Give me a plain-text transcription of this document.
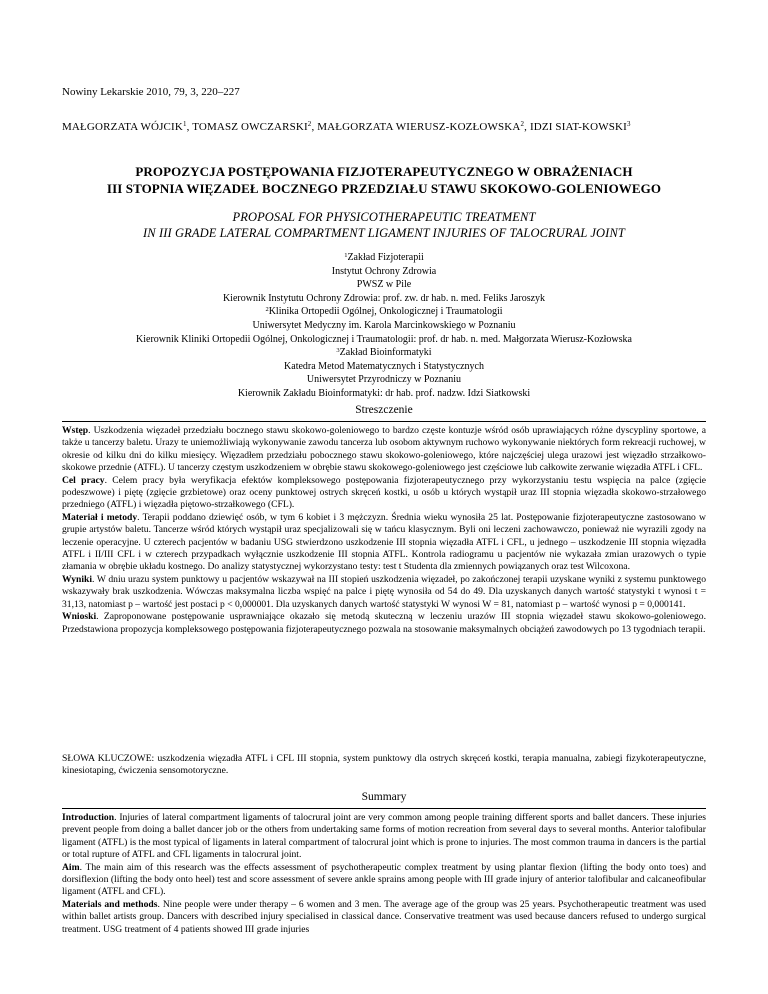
Nowiny Lekarskie 2010, 79, 3, 220–227
MAŁGORZATA WÓJCIK$^1$, TOMASZ OWCZARSKI$^2$, MAŁGORZATA WIERUSZ-KOZŁOWSKA$^2$, IDZI SIAT-KOWSKI$^3$
PROPOZYCJA POSTĘPOWANIA FIZJOTERAPEUTYCZNEGO W OBRAŻENIACH
III STOPNIA WIĘZADEŁ BOCZNEGO PRZEDZIAŁU STAWU SKOKOWO-GOLENIOWEGO
PROPOSAL FOR PHYSICOTHERAPEUTIC TREATMENT
IN III GRADE LATERAL COMPARTMENT LIGAMENT INJURIES OF TALOCRURAL JOINT
$^1$Zakład Fizjoterapii
Instytut Ochrony Zdrowia
PWSZ w Pile
Kierownik Instytutu Ochrony Zdrowia: prof. zw. dr hab. n. med. Feliks Jaroszyk
$^2$Klinika Ortopedii Ogólnej, Onkologicznej i Traumatologii
Uniwersytet Medyczny im. Karola Marcinkowskiego w Poznaniu
Kierownik Kliniki Ortopedii Ogólnej, Onkologicznej i Traumatologii: prof. dr hab. n. med. Małgorzata Wierusz-Kozłowska
$^3$Zakład Bioinformatyki
Katedra Metod Matematycznych i Statystycznych
Uniwersytet Przyrodniczy w Poznaniu
Kierownik Zakładu Bioinformatyki: dr hab. prof. nadzw. Idzi Siatkowski
Streszczenie

Wstęp. Uszkodzenia więzadeł przedziału bocznego stawu skokowo-goleniowego to bardzo częste kontuzje wśród osób uprawiających różne dyscypliny sportowe, a także u tancerzy baletu. Urazy te uniemożliwiają wykonywanie zawodu tancerza lub osobom aktywnym ruchowo wykonywanie niektórych form rekreacji ruchowej, w okresie od kilku dni do kilku miesięcy. Więzadłem przedziału pobocznego stawu skokowo-goleniowego, które najczęściej ulega urazowi jest więzadło strzałkowo-skokowe przednie (ATFL). U tancerzy częstym uszkodzeniem w obrębie stawu skokowego-goleniowego jest częściowe lub całkowite zerwanie więzadła ATFL i CFL.

Cel pracy. Celem pracy była weryfikacja efektów kompleksowego postępowania fizjoterapeutycznego przy wykorzystaniu testu wspięcia na palce (zgięcie podeszwowe) i piętę (zgięcie grzbietowe) oraz oceny punktowej ostrych skręceń kostki, u osób u których wystąpił uraz III stopnia więzadła skokowo-strzałowego przedniego (ATFL) i więzadła piętowo-strzałkowego (CFL).

Materiał i metody. Terapii poddano dziewięć osób, w tym 6 kobiet i 3 mężczyzn. Średnia wieku wynosiła 25 lat. Postępowanie fizjoterapeutyczne zastosowano w grupie artystów baletu. Tancerze wśród których wystąpił uraz specjalizowali się w tańcu klasycznym. Byli oni leczeni zachowawczo, ponieważ nie wyrazili zgody na leczenie operacyjne. U czterech pacjentów w badaniu USG stwierdzono uszkodzenie III stopnia więzadła ATFL i CFL, u jednego – uszkodzenie III stopnia więzadła ATFL i II/III CFL i w czterech przypadkach wyłącznie uszkodzenie III stopnia ATFL. Kontrola radiogramu u pacjentów nie wykazała zmian urazowych o typie złamania w obrębie układu kostnego. Do analizy statystycznej wykorzystano testy: test t Studenta dla zmiennych powiązanych oraz test Wilcoxona.

Wyniki. W dniu urazu system punktowy u pacjentów wskazywał na III stopień uszkodzenia więzadeł, po zakończonej terapii uzyskane wyniki z systemu punktowego wskazywały brak uszkodzenia. Wówczas maksymalna liczba wspięć na palce i piętę wynosiła od 54 do 49. Dla uzyskanych danych wartość statystyki t wynosi t = 31,13, natomiast p – wartość jest postaci p < 0,000001. Dla uzyskanych danych wartość statystyki W wynosi W = 81, natomiast p – wartość wynosi p = 0,000141.

Wnioski. Zaproponowane postępowanie usprawniające okazało się metodą skuteczną w leczeniu urazów III stopnia więzadeł stawu skokowo-goleniowego. Przedstawiona propozycja kompleksowego postępowania fizjoterapeutycznego pozwala na stosowanie maksymalnych obciążeń zawodowych po 13 tygodniach terapii.

SŁOWA KLUCZOWE: uszkodzenia więzadła ATFL i CFL III stopnia, system punktowy dla ostrych skręceń kostki, terapia manualna, zabiegi fizykoterapeutyczne, kinesiotaping, ćwiczenia sensomotoryczne.
Summary

Introduction. Injuries of lateral compartment ligaments of talocrural joint are very common among people training different sports and ballet dancers. These injuries prevent people from doing a ballet dancer job or the others from undertaking same forms of motion recreation from several days to several months. Anterior talofibular ligament (ATFL) is the most typical of ligaments in lateral compartment of talocrural joint which is prone to injuries. The most common trauma in dancers is the partial or total rupture of ATFL and CFL ligaments in talocrural joint.

Aim. The main aim of this research was the effects assessment of psychotherapeutic complex treatment by using plantar flexion (lifting the body onto toes) and dorsiflexion (lifting the body onto heel) test and score assessment of severe ankle sprains among people with III grade injury of anterior talofibular and calcaneofibular ligament (ATFL and CFL).

Materials and methods. Nine people were under therapy – 6 women and 3 men. The average age of the group was 25 years. Psychotherapeutic treatment was used within ballet artists group. Dancers with described injury specialised in classical dance. Conservative treatment was used because dancers refused to undergo surgical treatment. USG treatment of 4 patients showed III grade injuries
